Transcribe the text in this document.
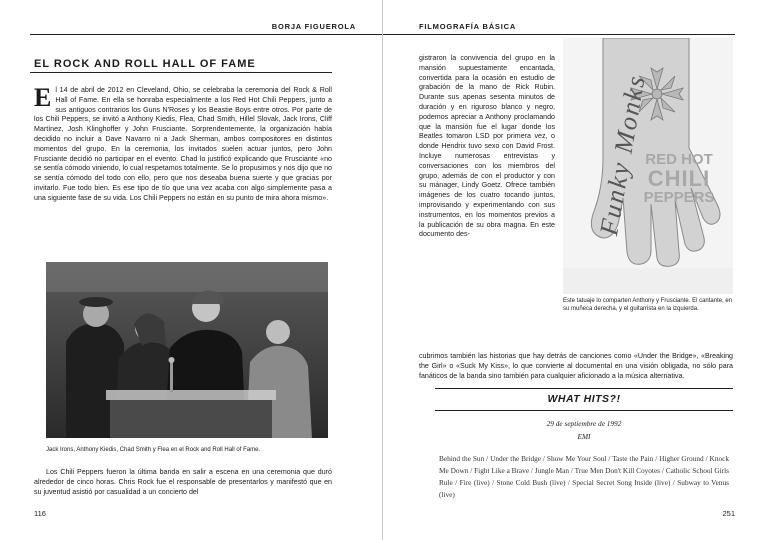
BORJA FIGUEROLA
EL ROCK AND ROLL HALL OF FAME

El 14 de abril de 2012 en Cleveland, Ohio, se celebraba la ceremonia del Rock & Roll Hall of Fame. En ella se honraba especialmente a los Red Hot Chili Peppers, junto a sus antiguos contrarios los Guns N'Roses y los Beastie Boys entre otros. Por parte de los Chili Peppers, se invitó a Anthony Kiedis, Flea, Chad Smith, Hillel Slovak, Jack Irons, Cliff Martínez, Josh Klinghoffer y John Frusciante. Sorprendentemente, la organización había decidido no incluir a Dave Navarro ni a Jack Sherman, ambos compositores en distintos momentos del grupo. En la ceremonia, los invitados suelen actuar juntos, pero John Frusciante decidió no participar en el evento. Chad lo justificó explicando que Frusciante «no se sentía cómodo viniendo, lo cual respetamos totalmente. Se lo propusimos y nos dijo que no se sentía cómodo del todo con ello, pero que nos deseaba buena suerte y que gracias por invitarlo. Fue todo bien. Es ese tipo de tío que una vez acaba con algo simplemente pasa a una siguiente fase de su vida. Los Chili Peppers no están en su punto de mira ahora mismo».

Jack Irons, Anthony Kiedis, Chad Smith y Flea en el Rock and Roll Hall of Fame.

Los Chili Peppers fueron la última banda en salir a escena en una ceremonia que duró alrededor de cinco horas. Chris Rock fue el responsable de presentarlos y manifestó que en su juventud asistió por casualidad a un concierto del

116
FILMOGRAFÍA BÁSICA

gistraron la convivencia del grupo en la mansión supuestamente encantada, convertida para la ocasión en estudio de grabación de la mano de Rick Rubin. Durante sus apenas sesenta minutos de duración y en riguroso blanco y negro, podemos apreciar a Anthony proclamando que la mansión fue el lugar donde los Beatles tomaron LSD por primera vez, o donde Hendrix tuvo sexo con David Frost. Incluye numerosas entrevistas y conversaciones con los miembros del grupo, además de con el productor y con su mánager, Lindy Goetz. Ofrece también imágenes de los cuatro tocando juntos, improvisando y experimentando con sus instrumentos, en los momentos previos a la publicación de su obra magna. En este documento des-	Funky Monks
RED HOT
CHILI
PEPPERS

Este tatuaje lo comparten Anthony y Frusciante. El cantante, en su muñeca derecha, y el guitarrista en la izquierda.

cubrimos también las historias que hay detrás de canciones como «Under the Bridge», «Breaking the Girl» o «Suck My Kiss», lo que convierte al documental en una visión obligada, no sólo para fanáticos de la banda sino también para cualquier aficionado a la música alternativa.

WHAT HITS?!
29 de septiembre de 1992
EMI

Behind the Sun / Under the Bridge / Show Me Your Soul / Taste the Pain / Higher Ground / Knock Me Down / Fight Like a Brave / Jungle Man / True Men Don't Kill Coyotes / Catholic School Girls Rule / Fire (live) / Stone Cold Bush (live) / Special Secret Song Inside (live) / Subway to Venus (live)

251
